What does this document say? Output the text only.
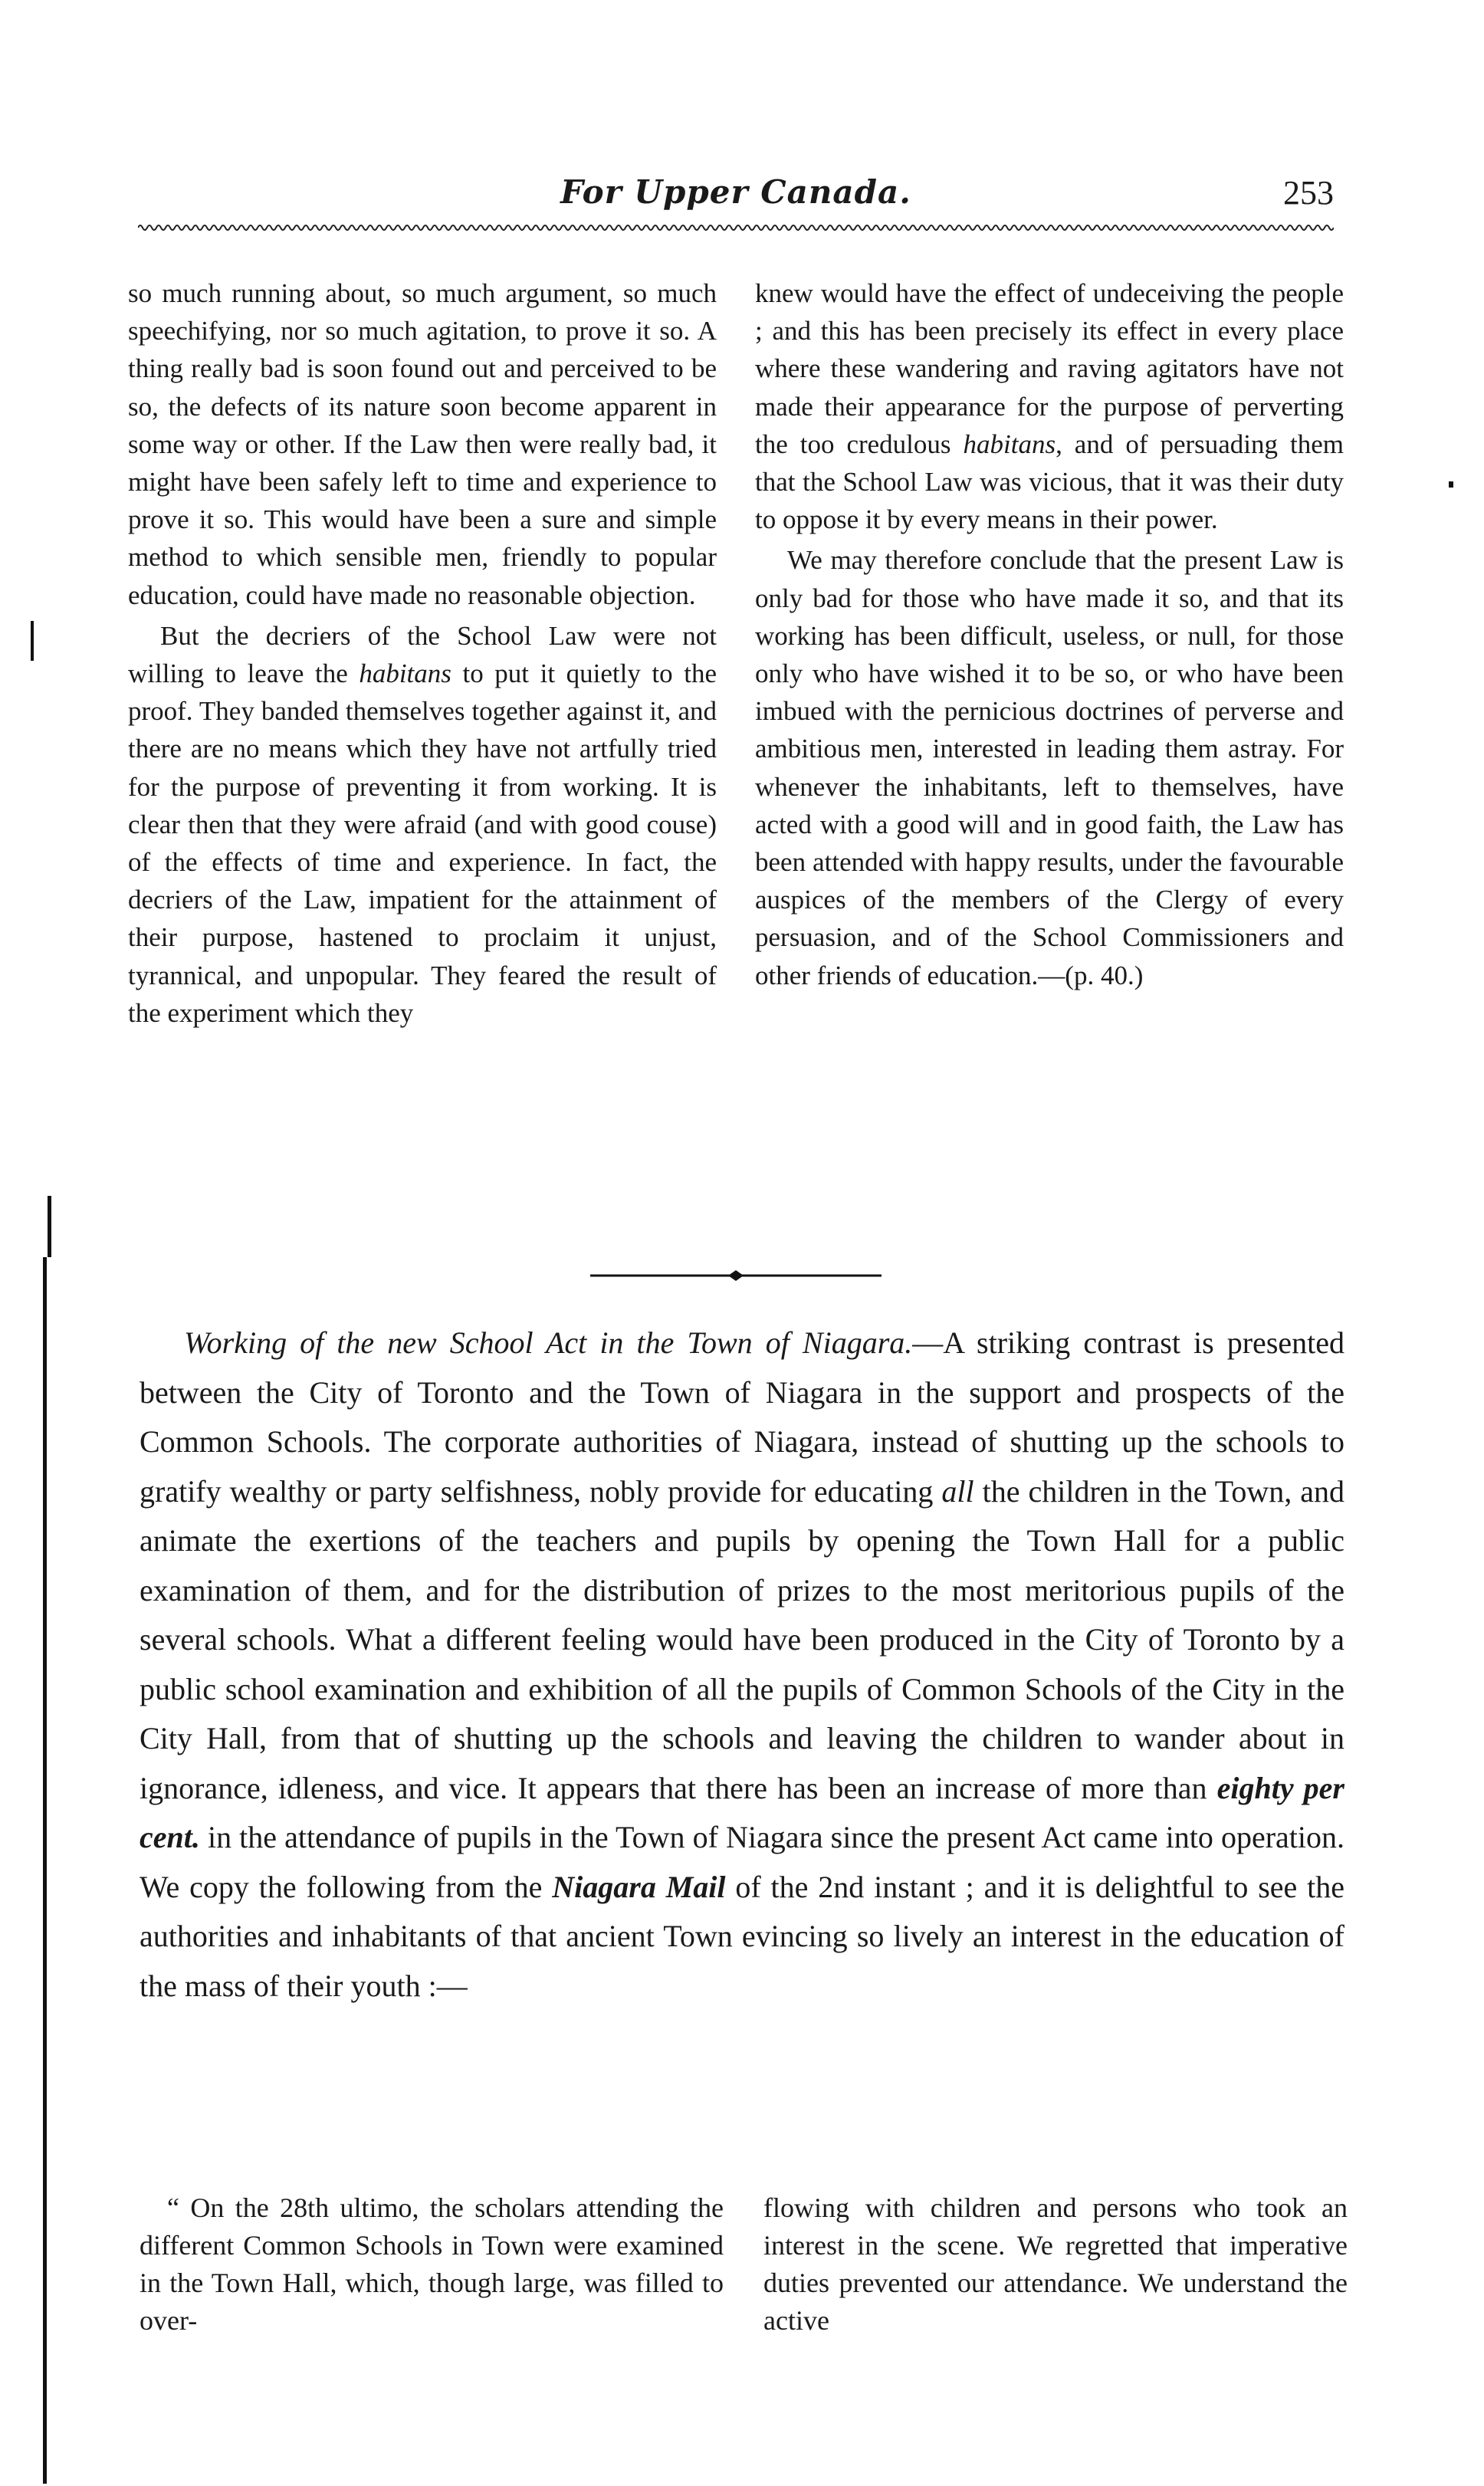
For Upper Canada.	253

so much running about, so much argument, so much speechifying, nor so much agitation, to prove it so. A thing really bad is soon found out and perceived to be so, the defects of its nature soon become apparent in some way or other. If the Law then were really bad, it might have been safely left to time and experience to prove it so. This would have been a sure and simple method to which sensible men, friendly to popular education, could have made no reasonable objection.

But the decriers of the School Law were not willing to leave the habitans to put it quietly to the proof. They banded themselves together against it, and there are no means which they have not artfully tried for the purpose of preventing it from working. It is clear then that they were afraid (and with good couse) of the effects of time and experience. In fact, the decriers of the Law, impatient for the attainment of their purpose, hastened to proclaim it unjust, tyrannical, and unpopular. They feared the result of the experiment which they

knew would have the effect of undeceiving the people ; and this has been precisely its effect in every place where these wandering and raving agitators have not made their appearance for the purpose of perverting the too credulous habitans, and of persuading them that the School Law was vicious, that it was their duty to oppose it by every means in their power.

We may therefore conclude that the present Law is only bad for those who have made it so, and that its working has been difficult, useless, or null, for those only who have wished it to be so, or who have been imbued with the pernicious doctrines of perverse and ambitious men, interested in leading them astray. For whenever the inhabitants, left to themselves, have acted with a good will and in good faith, the Law has been attended with happy results, under the favourable auspices of the members of the Clergy of every persuasion, and of the School Commissioners and other friends of education.—(p. 40.)

Working of the new School Act in the Town of Niagara.—A striking contrast is presented between the City of Toronto and the Town of Niagara in the support and prospects of the Common Schools. The corporate authorities of Niagara, instead of shutting up the schools to gratify wealthy or party selfishness, nobly provide for educating all the children in the Town, and animate the exertions of the teachers and pupils by opening the Town Hall for a public examination of them, and for the distribution of prizes to the most meritorious pupils of the several schools. What a different feeling would have been produced in the City of Toronto by a public school examination and exhibition of all the pupils of Common Schools of the City in the City Hall, from that of shutting up the schools and leaving the children to wander about in ignorance, idleness, and vice. It appears that there has been an increase of more than eighty per cent. in the attendance of pupils in the Town of Niagara since the present Act came into operation. We copy the following from the Niagara Mail of the 2nd instant ; and it is delightful to see the authorities and inhabitants of that ancient Town evincing so lively an interest in the education of the mass of their youth :—

“ On the 28th ultimo, the scholars attending the different Common Schools in Town were examined in the Town Hall, which, though large, was filled to over-

flowing with children and persons who took an interest in the scene. We regretted that imperative duties prevented our attendance. We understand the active
